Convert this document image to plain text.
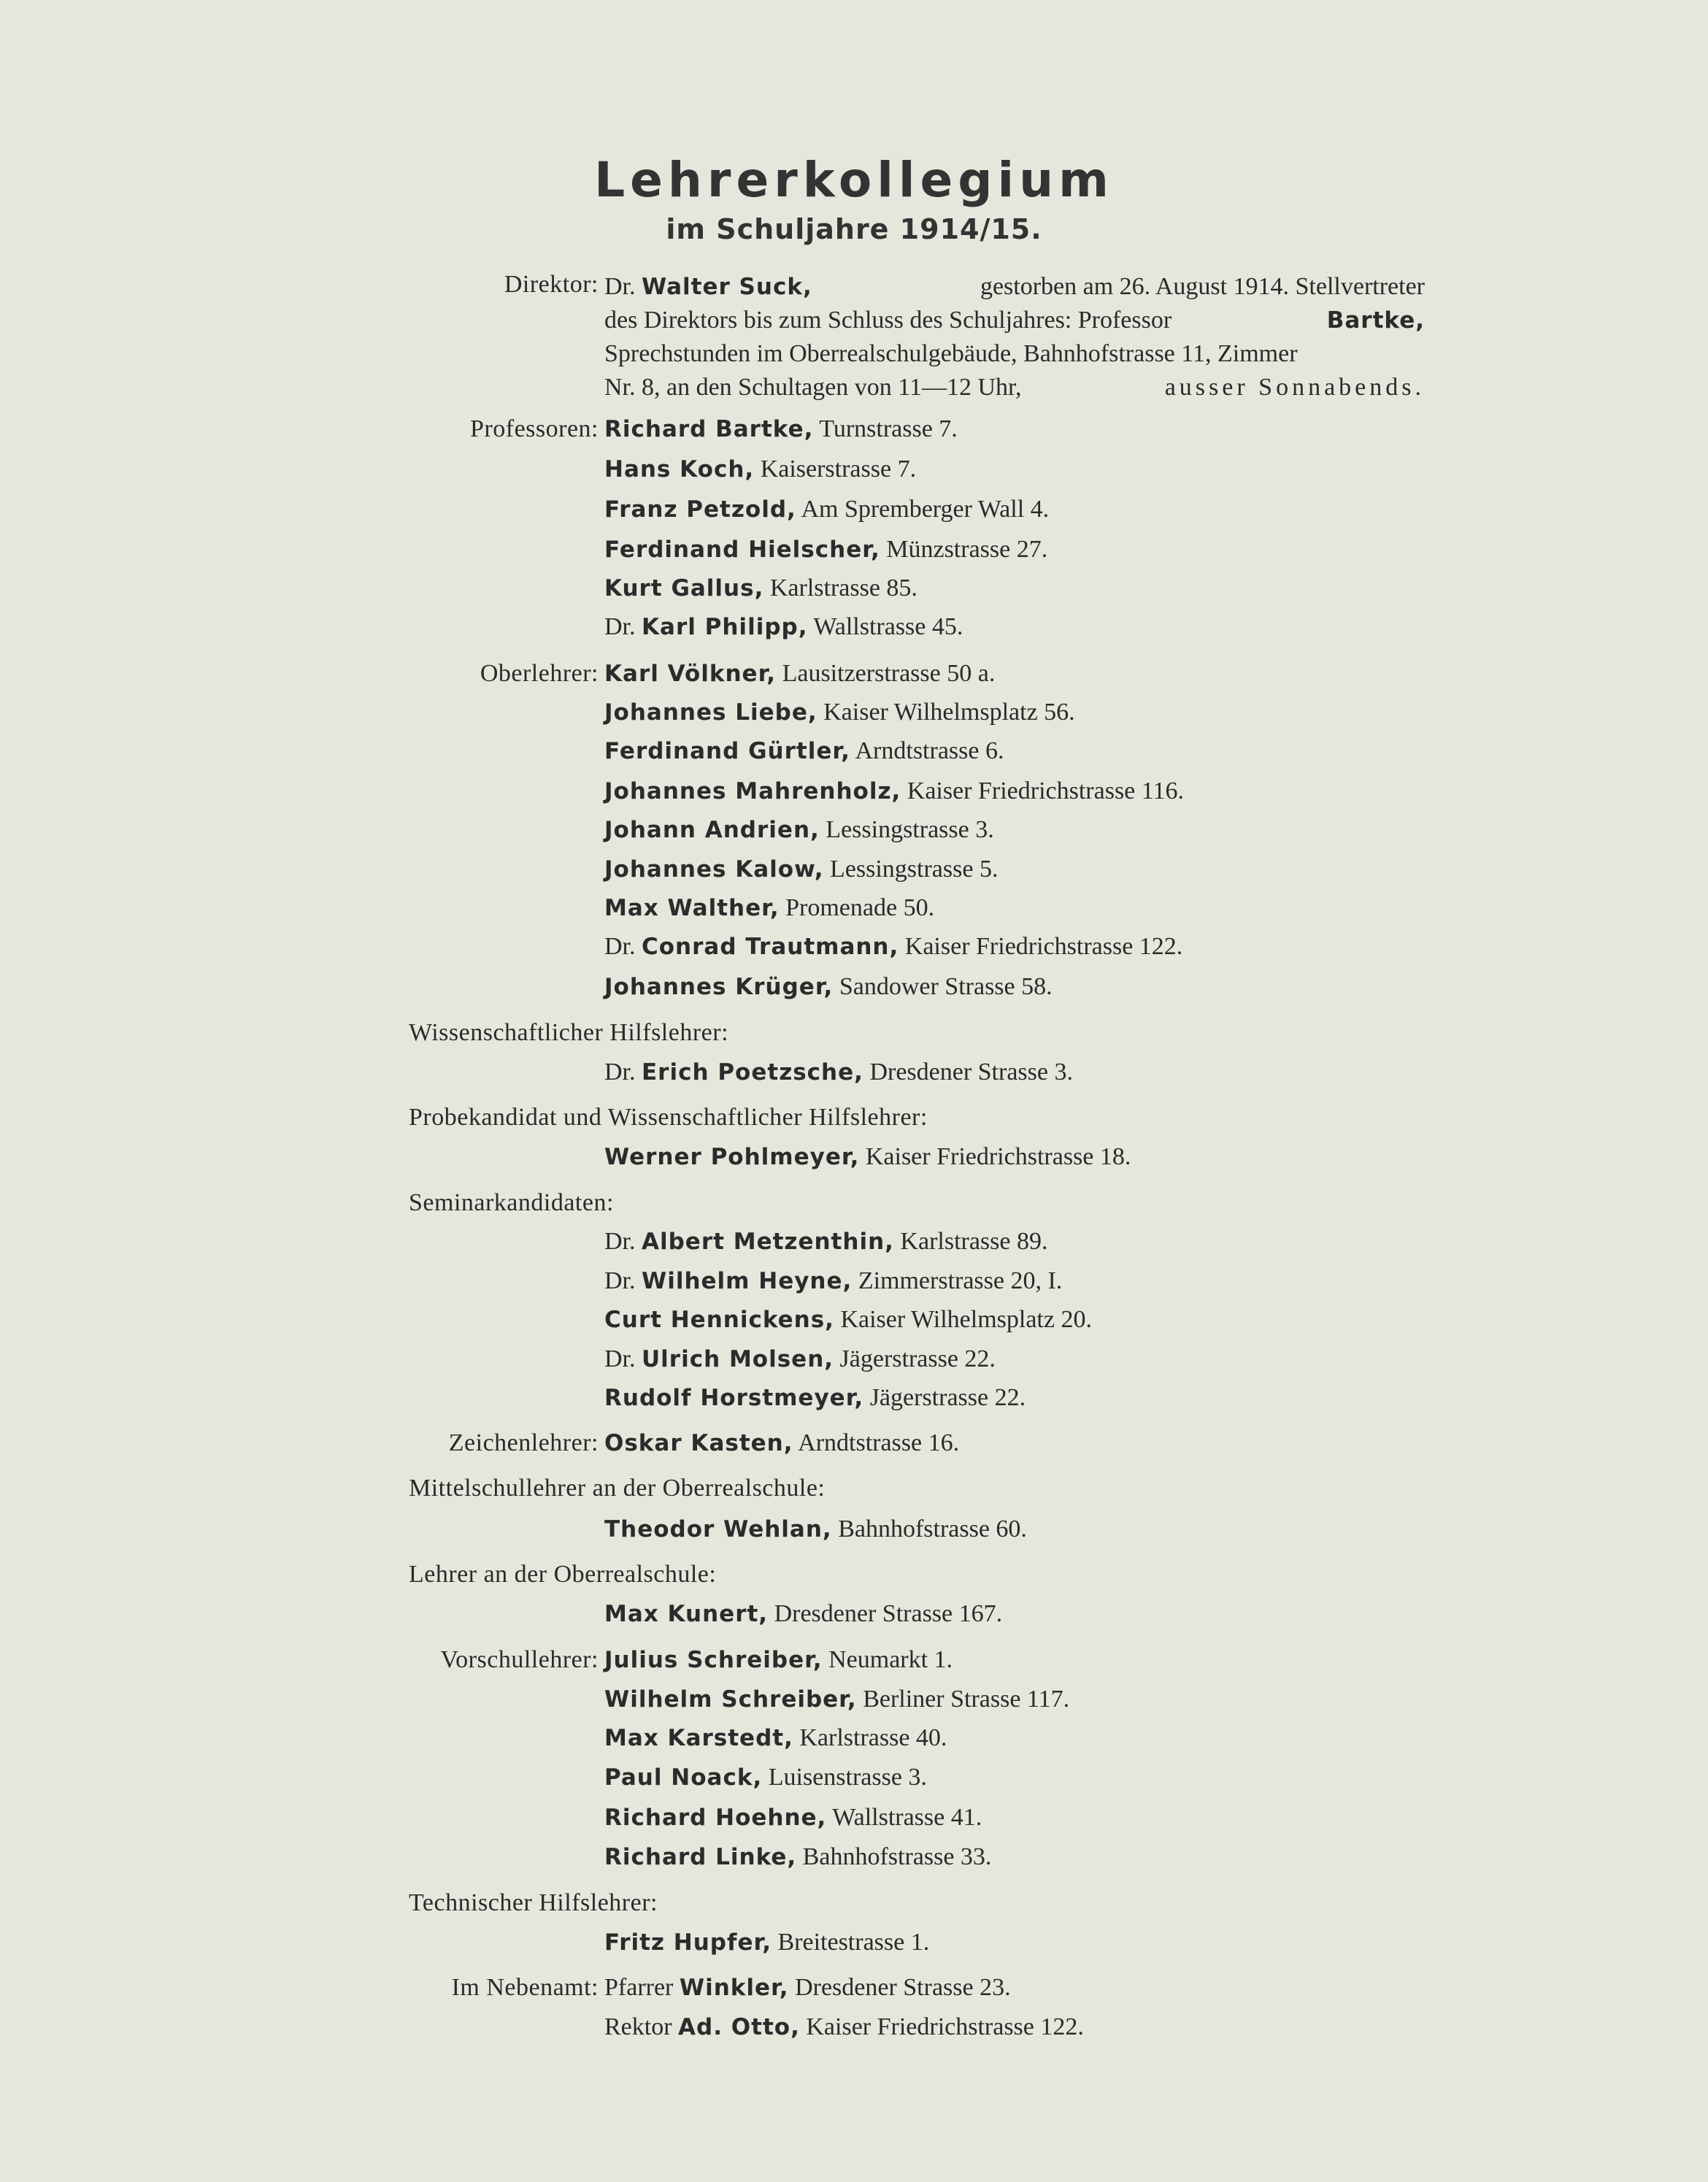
Lehrerkollegium
im Schuljahre 1914/15.
Direktor: Dr. Walter Suck,	gestorben am 26. August 1914. Stellvertreter
des Direktors bis zum Schluss des Schuljahres: Professor	Bartke,
Sprechstunden im Oberrealschulgebäude, Bahnhofstrasse 11, Zimmer
Nr. 8, an den Schultagen von 11—12 Uhr,	ausser Sonnabends.
Professoren: Richard Bartke, Turnstrasse 7.
Hans Koch, Kaiserstrasse 7.
Franz Petzold, Am Spremberger Wall 4.
Ferdinand Hielscher, Münzstrasse 27.
Kurt Gallus, Karlstrasse 85.
Dr. Karl Philipp, Wallstrasse 45.
Oberlehrer: Karl Völkner, Lausitzerstrasse 50 a.
Johannes Liebe, Kaiser Wilhelmsplatz 56.
Ferdinand Gürtler, Arndtstrasse 6.
Johannes Mahrenholz, Kaiser Friedrichstrasse 116.
Johann Andrien, Lessingstrasse 3.
Johannes Kalow, Lessingstrasse 5.
Max Walther, Promenade 50.
Dr. Conrad Trautmann, Kaiser Friedrichstrasse 122.
Johannes Krüger, Sandower Strasse 58.
Wissenschaftlicher Hilfslehrer:
Dr. Erich Poetzsche, Dresdener Strasse 3.
Probekandidat und Wissenschaftlicher Hilfslehrer:
Werner Pohlmeyer, Kaiser Friedrichstrasse 18.
Seminarkandidaten:
Dr. Albert Metzenthin, Karlstrasse 89.
Dr. Wilhelm Heyne, Zimmerstrasse 20, I.
Curt Hennickens, Kaiser Wilhelmsplatz 20.
Dr. Ulrich Molsen, Jägerstrasse 22.
Rudolf Horstmeyer, Jägerstrasse 22.
Zeichenlehrer: Oskar Kasten, Arndtstrasse 16.
Mittelschullehrer an der Oberrealschule:
Theodor Wehlan, Bahnhofstrasse 60.
Lehrer an der Oberrealschule:
Max Kunert, Dresdener Strasse 167.
Vorschullehrer: Julius Schreiber, Neumarkt 1.
Wilhelm Schreiber, Berliner Strasse 117.
Max Karstedt, Karlstrasse 40.
Paul Noack, Luisenstrasse 3.
Richard Hoehne, Wallstrasse 41.
Richard Linke, Bahnhofstrasse 33.
Technischer Hilfslehrer:
Fritz Hupfer, Breitestrasse 1.
Im Nebenamt: Pfarrer Winkler, Dresdener Strasse 23.
Rektor Ad. Otto, Kaiser Friedrichstrasse 122.
